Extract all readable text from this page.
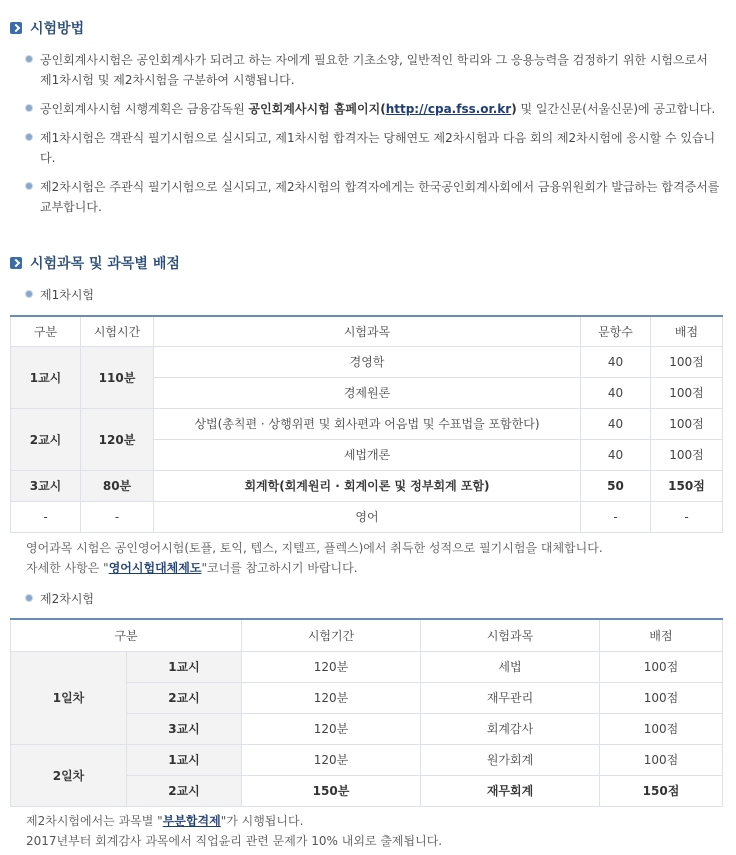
시험방법
공인회계사시험은 공인회계사가 되려고 하는 자에게 필요한 기초소양, 일반적인 학리와 그 응용능력을 검정하기 위한 시험으로서 제1차시험 및 제2차시험을 구분하여 시행됩니다.
공인회계사시험 시행계획은 금융감독원 공인회계사시험 홈페이지(http://cpa.fss.or.kr) 및 일간신문(서울신문)에 공고합니다.
제1차시험은 객관식 필기시험으로 실시되고, 제1차시험 합격자는 당해연도 제2차시험과 다음 회의 제2차시험에 응시할 수 있습니다.
제2차시험은 주관식 필기시험으로 실시되고, 제2차시험의 합격자에게는 한국공인회계사회에서 금융위원회가 발급하는 합격증서를 교부합니다.
시험과목 및 과목별 배점
제1차시험
구분	시험시간	시험과목	문항수	배점
1교시	110분	경영학	40	100점
		경제원론	40	100점
2교시	120분	상법(총칙편 · 상행위편 및 회사편과 어음법 및 수표법을 포함한다)	40	100점
		세법개론	40	100점
3교시	80분	회계학(회계원리 · 회계이론 및 정부회계 포함)	50	150점
-	-	영어	-	-
영어과목 시험은 공인영어시험(토플, 토익, 텝스, 지텔프, 플렉스)에서 취득한 성적으로 필기시험을 대체합니다.
자세한 사항은 "영어시험대체제도"코너를 참고하시기 바랍니다.
제2차시험
구분		시험기간	시험과목	배점
1일차	1교시	120분	세법	100점
	2교시	120분	재무관리	100점
	3교시	120분	회계감사	100점
2일차	1교시	120분	원가회계	100점
	2교시	150분	재무회계	150점
제2차시험에서는 과목별 "부분합격제"가 시행됩니다.
2017년부터 회계감사 과목에서 직업윤리 관련 문제가 10% 내외로 출제됩니다.
